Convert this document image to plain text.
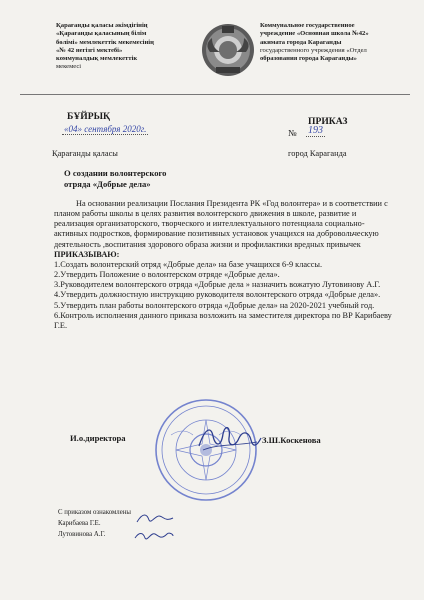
Қарағанды қаласы әкімдігінің
«Қарағанды қаласының білім
бөлімі» мемлекеттік мекемесінің
«№ 42 негізгі мектебі»
коммуналдық мемлекеттік
мекемесі
Коммунальное государственное
учреждение «Основная школа №42»
акимата города Караганды
государственного учреждения «Отдел
образования города Караганды»
БҰЙРЫҚ	ПРИКАЗ
«04» сентября 2020г.	№ 193
Қарағанды қаласы	город Караганда
О создании волонтерского
отряда «Добрые дела»

На основании реализации Послания Президента РК «Год волонтера» и в соответствии с планом работы школы в целях развития волонтерского движения в школе, развитие и реализация организаторского, творческого и интеллектуального потенциала социально-активных подростков, формирование позитивных установок учащихся на добровольческую деятельность ,воспитания здорового образа жизни и профилактики вредных привычек ПРИКАЗЫВАЮ:

1.Создать волонтерский отряд «Добрые дела» на базе учащихся 6-9 классы.
2.Утвердить Положение о волонтерском отряде «Добрые дела».
3.Руководителем волонтерского отряда «Добрые дела » назначить вожатую Лутовинову А.Г.
4.Утвердить должностную инструкцию руководителя волонтерского отряда «Добрые дела».
5.Утвердить план работы волонтерского отряда «Добрые дела» на 2020-2021 учебный год.
6.Контроль исполнения данного приказа возложить на заместителя директора по ВР Карибаеву Г.Е.
И.о.директора	З.Ш.Коскенова
С приказом ознакомлены
Карибаева Г.Е.
Лутовинова А.Г.
